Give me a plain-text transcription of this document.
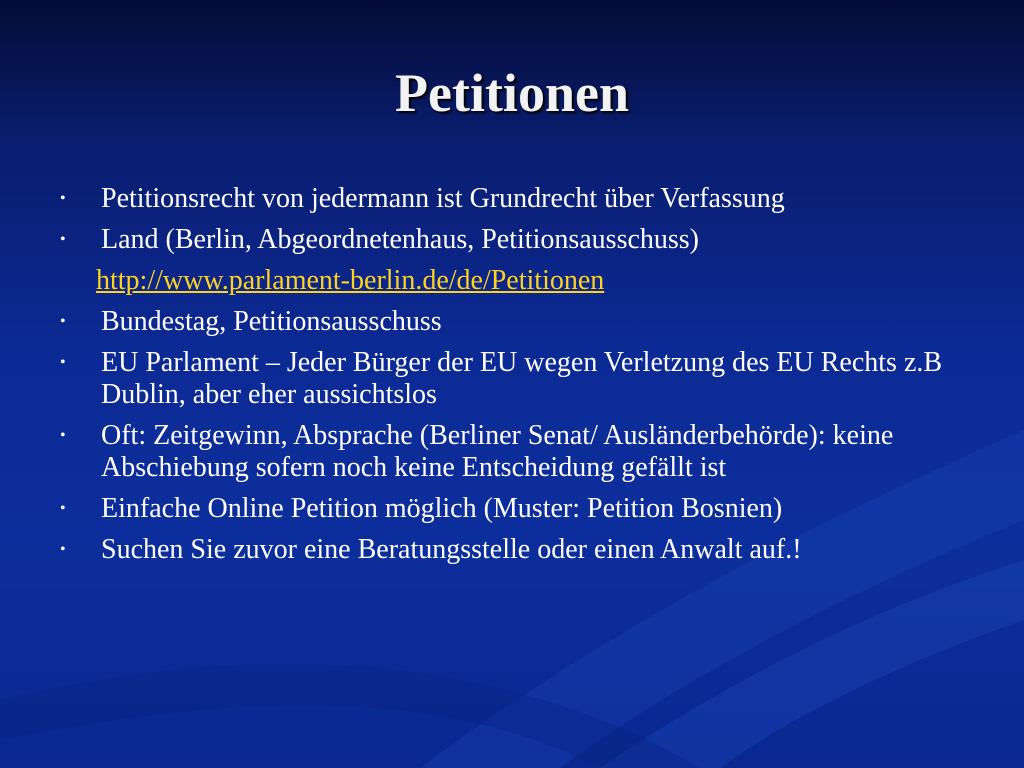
Petitionen
• Petitionsrecht von jedermann ist Grundrecht über Verfassung
• Land (Berlin, Abgeordnetenhaus, Petitionsausschuss)
http://www.parlament-berlin.de/de/Petitionen
• Bundestag, Petitionsausschuss
• EU Parlament – Jeder Bürger der EU wegen Verletzung des EU Rechts z.B Dublin, aber eher aussichtslos
• Oft: Zeitgewinn, Absprache (Berliner Senat/ Ausländerbehörde): keine Abschiebung sofern noch keine Entscheidung gefällt ist
• Einfache Online Petition möglich (Muster: Petition Bosnien)
• Suchen Sie zuvor eine Beratungsstelle oder einen Anwalt auf.!
